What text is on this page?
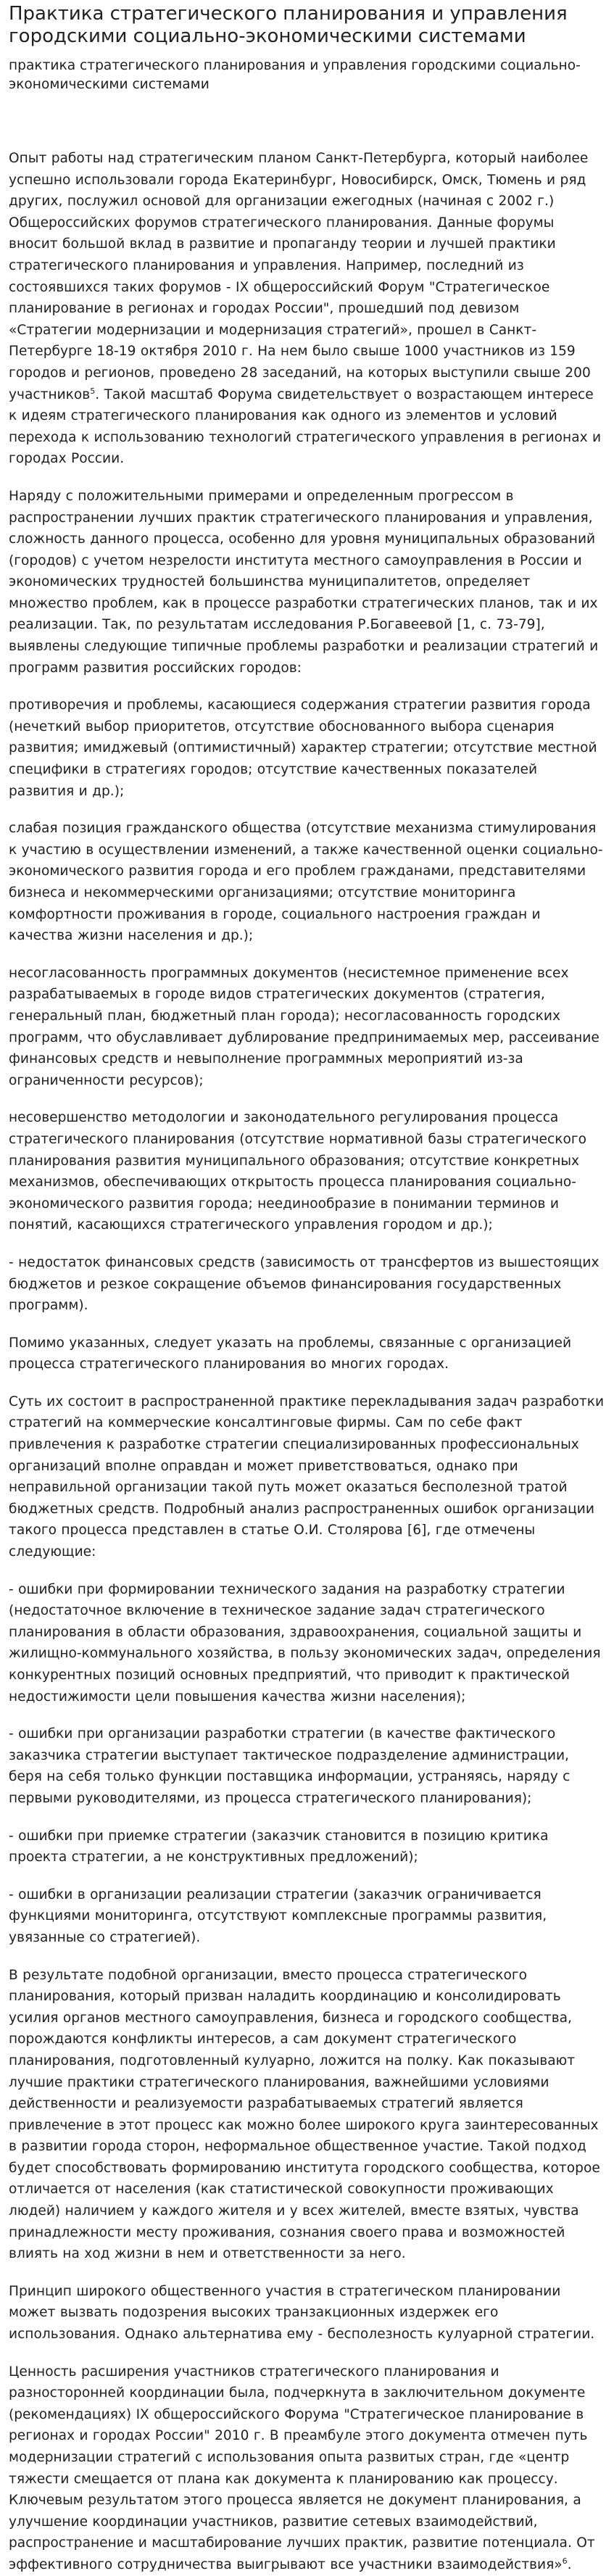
Практика стратегического планирования и управления городскими социально-экономическими системами
практика стратегического планирования и управления городскими социально-экономическими системами

Опыт работы над стратегическим планом Санкт-Петербурга, который наиболее успешно использовали города Екатеринбург, Новосибирск, Омск, Тюмень и ряд других, послужил основой для организации ежегодных (начиная с 2002 г.) Общероссийских форумов стратегического планирования. Данные форумы вносит большой вклад в развитие и пропаганду теории и лучшей практики стратегического планирования и управления. Например, последний из состоявшихся таких форумов - IX общероссийский Форум "Стратегическое планирование в регионах и городах России", прошедший под девизом «Стратегии модернизации и модернизация стратегий», прошел в Санкт-Петербурге 18-19 октября 2010 г. На нем было свыше 1000 участников из 159 городов и регионов, проведено 28 заседаний, на которых выступили свыше 200 участников$^5$. Такой масштаб Форума свидетельствует о возрастающем интересе к идеям стратегического планирования как одного из элементов и условий перехода к использованию технологий стратегического управления в регионах и городах России.

Наряду с положительными примерами и определенным прогрессом в распространении лучших практик стратегического планирования и управления, сложность данного процесса, особенно для уровня муниципальных образований (городов) с учетом незрелости института местного самоуправления в России и экономических трудностей большинства муниципалитетов, определяет множество проблем, как в процессе разработки стратегических планов, так и их реализации. Так, по результатам исследования Р.Богавеевой [1, с. 73-79], выявлены следующие типичные проблемы разработки и реализации стратегий и программ развития российских городов:

противоречия и проблемы, касающиеся содержания стратегии развития города (нечеткий выбор приоритетов, отсутствие обоснованного выбора сценария развития; имиджевый (оптимистичный) характер стратегии; отсутствие местной специфики в стратегиях городов; отсутствие качественных показателей развития и др.);

слабая позиция гражданского общества (отсутствие механизма стимулирования к участию в осуществлении изменений, а также качественной оценки социально-экономического развития города и его проблем гражданами, представителями бизнеса и некоммерческими организациями; отсутствие мониторинга комфортности проживания в городе, социального настроения граждан и качества жизни населения и др.);

несогласованность программных документов (несистемное применение всех разрабатываемых в городе видов стратегических документов (стратегия, генеральный план, бюджетный план города); несогласованность городских программ, что обуславливает дублирование предпринимаемых мер, рассеивание финансовых средств и невыполнение программных мероприятий из-за ограниченности ресурсов);

несовершенство методологии и законодательного регулирования процесса стратегического планирования (отсутствие нормативной базы стратегического планирования развития муниципального образования; отсутствие конкретных механизмов, обеспечивающих открытость процесса планирования социально-экономического развития города; неединообразие в понимании терминов и понятий, касающихся стратегического управления городом и др.);

- недостаток финансовых средств (зависимость от трансфертов из вышестоящих бюджетов и резкое сокращение объемов финансирования государственных программ).

Помимо указанных, следует указать на проблемы, связанные с организацией процесса стратегического планирования во многих городах.

Суть их состоит в распространенной практике перекладывания задач разработки стратегий на коммерческие консалтинговые фирмы. Сам по себе факт привлечения к разработке стратегии специализированных профессиональных организаций вполне оправдан и может приветствоваться, однако при неправильной организации такой путь может оказаться бесполезной тратой бюджетных средств. Подробный анализ распространенных ошибок организации такого процесса представлен в статье О.И. Столярова [6], где отмечены следующие:

- ошибки при формировании технического задания на разработку стратегии (недостаточное включение в техническое задание задач стратегического планирования в области образования, здравоохранения, социальной защиты и жилищно-коммунального хозяйства, в пользу экономических задач, определения конкурентных позиций основных предприятий, что приводит к практической недостижимости цели повышения качества жизни населения);

- ошибки при организации разработки стратегии (в качестве фактического заказчика стратегии выступает тактическое подразделение администрации, беря на себя только функции поставщика информации, устраняясь, наряду с первыми руководителями, из процесса стратегического планирования);

- ошибки при приемке стратегии (заказчик становится в позицию критика проекта стратегии, а не конструктивных предложений);

- ошибки в организации реализации стратегии (заказчик ограничивается функциями мониторинга, отсутствуют комплексные программы развития, увязанные со стратегией).

В результате подобной организации, вместо процесса стратегического планирования, который призван наладить координацию и консолидировать усилия органов местного самоуправления, бизнеса и городского сообщества, порождаются конфликты интересов, а сам документ стратегического планирования, подготовленный кулуарно, ложится на полку. Как показывают лучшие практики стратегического планирования, важнейшими условиями действенности и реализуемости разрабатываемых стратегий является привлечение в этот процесс как можно более широкого круга заинтересованных в развитии города сторон, неформальное общественное участие. Такой подход будет способствовать формированию института городского сообщества, которое отличается от населения (как статистической совокупности проживающих людей) наличием у каждого жителя и у всех жителей, вместе взятых, чувства принадлежности месту проживания, сознания своего права и возможностей влиять на ход жизни в нем и ответственности за него.

Принцип широкого общественного участия в стратегическом планировании может вызвать подозрения высоких транзакционных издержек его использования. Однако альтернатива ему - бесполезность кулуарной стратегии.

Ценность расширения участников стратегического планирования и разносторонней координации была, подчеркнута в заключительном документе (рекомендациях) IX общероссийского Форума "Стратегическое планирование в регионах и городах России" 2010 г. В преамбуле этого документа отмечен путь модернизации стратегий с использования опыта развитых стран, где «центр тяжести смещается от плана как документа к планированию как процессу. Ключевым результатом этого процесса является не документ планирования, а улучшение координации участников, развитие сетевых взаимодействий, распространение и масштабирование лучших практик, развитие потенциала. От эффективного сотрудничества выигрывают все участники взаимодействия»$^6$.
